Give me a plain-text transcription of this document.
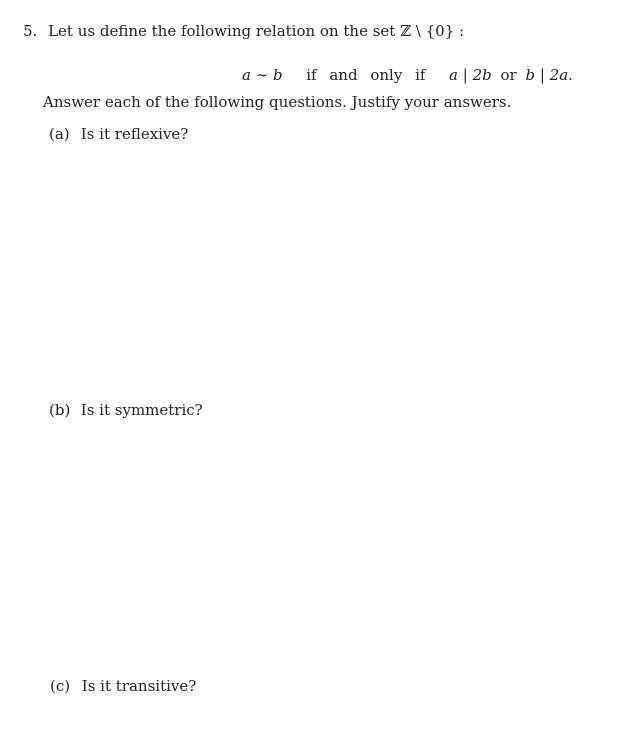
5. Let us define the following relation on the set ℤ \ {0} :
a ∼ b if and only if a | 2b or b | 2a.
Answer each of the following questions. Justify your answers.
(a) Is it reflexive?
(b) Is it symmetric?
(c) Is it transitive?
